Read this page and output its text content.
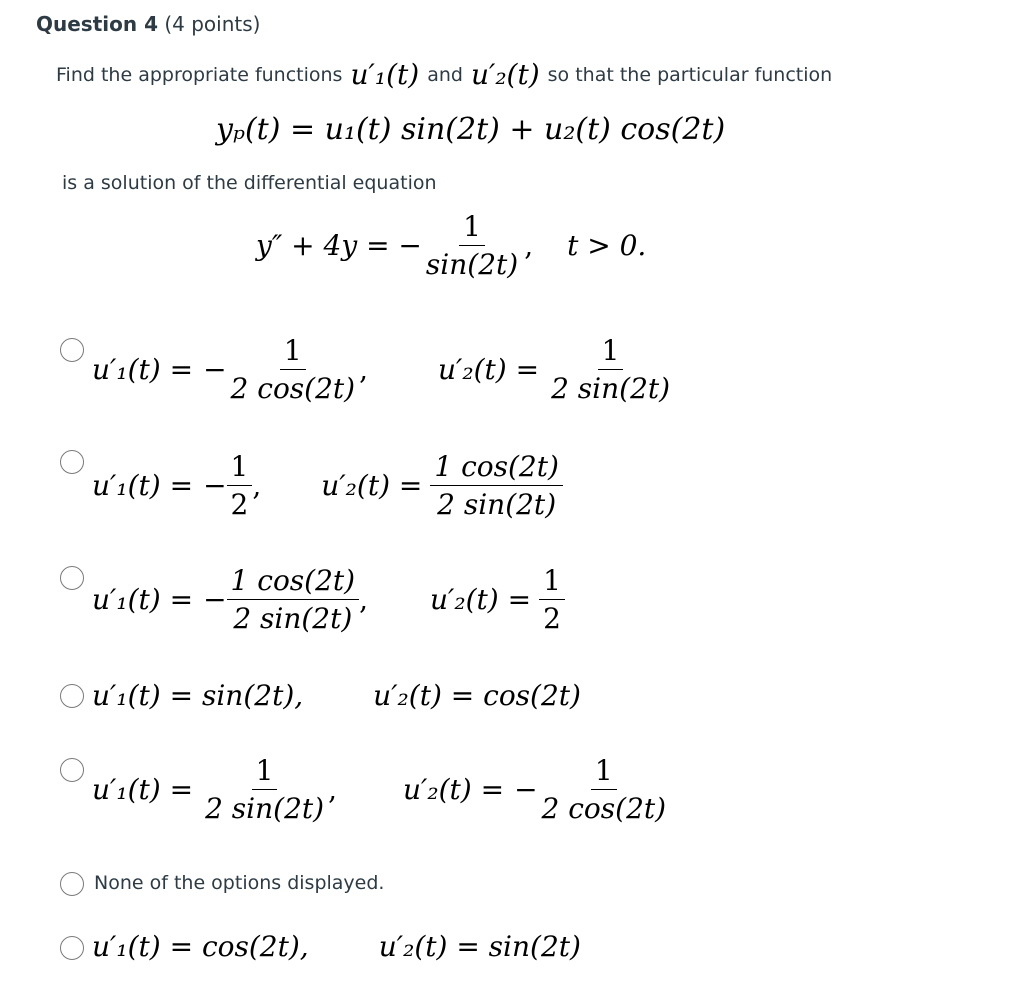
Question 4 (4 points)
Find the appropriate functions u′₁(t) and u′₂(t) so that the particular function
yₚ(t) = u₁(t) sin(2t) + u₂(t) cos(2t)
is a solution of the differential equation
y″ + 4y = − $\frac{1}{\sin(2t)}$ , t > 0.
u′₁(t) = − $\frac{1}{2 \cos(2t)}$ ,	$u'_2(t) = \frac{1}{2 \sin(2t)}$
u′₁(t) = − $\frac{1}{2}$ , $u'_2(t) = \frac{1 \cos(2t)}{2 \sin(2t)}$
u′₁(t) = − $\frac{1 \cos(2t)}{2 \sin(2t)}$ , $u'_2(t) = \frac{1}{2}$
u′₁(t) = sin(2t),	u′₂(t) = cos(2t)
$u'_1(t) = \frac{1}{2 \sin(2t)}$ , u′₂(t) = − $\frac{1}{2 \cos(2t)}$
None of the options displayed.
u′₁(t) = cos(2t),	u′₂(t) = sin(2t)
